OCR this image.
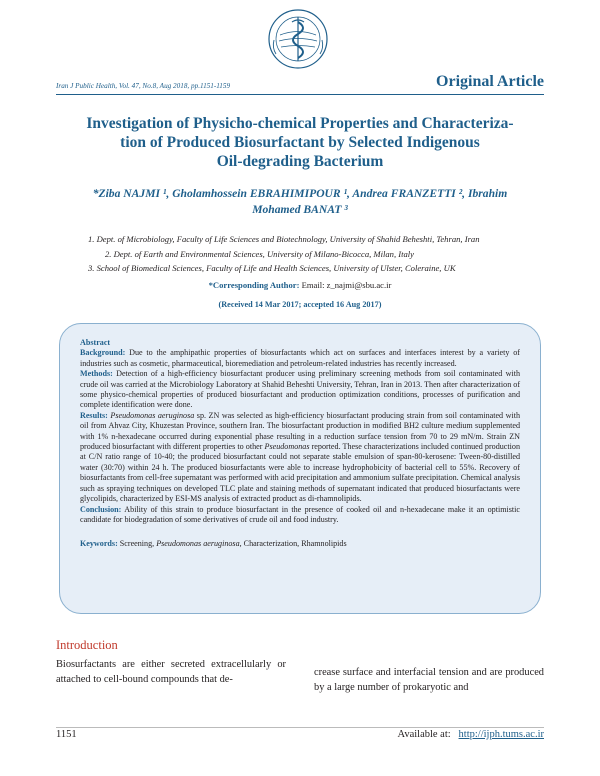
Iran J Public Health, Vol. 47, No.8, Aug 2018, pp.1151-1159	Original Article
Investigation of Physicho-chemical Properties and Characteriza-
tion of Produced Biosurfactant by Selected Indigenous
Oil-degrading Bacterium
*Ziba NAJMI ¹, Gholamhossein EBRAHIMIPOUR ¹, Andrea FRANZETTI ², Ibrahim
Mohamed BANAT ³
1. Dept. of Microbiology, Faculty of Life Sciences and Biotechnology, University of Shahid Beheshti, Tehran, Iran
2. Dept. of Earth and Environmental Sciences, University of Milano-Bicocca, Milan, Italy
3. School of Biomedical Sciences, Faculty of Life and Health Sciences, University of Ulster, Coleraine, UK
*Corresponding Author: Email: z_najmi@sbu.ac.ir
(Received 14 Mar 2017; accepted 16 Aug 2017)

Abstract

Background: Due to the amphipathic properties of biosurfactants which act on surfaces and interfaces interest by a variety of industries such as cosmetic, pharmaceutical, bioremediation and petroleum-related industries has recently increased.

Methods: Detection of a high-efficiency biosurfactant producer using preliminary screening methods from soil contaminated with crude oil was carried at the Microbiology Laboratory at Shahid Beheshti University, Tehran, Iran in 2013. Then after characterization of some physico-chemical properties of produced biosurfactant and production optimization conditions, processes of purification and complete identification were done.

Results: Pseudomonas aeruginosa sp. ZN was selected as high-efficiency biosurfactant producing strain from soil contaminated with oil from Ahvaz City, Khuzestan Province, southern Iran. The biosurfactant production in modified BH2 culture medium supplemented with 1% n-hexadecane occurred during exponential phase resulting in a reduction surface tension from 70 to 29 mN/m. Strain ZN produced biosurfactant with different properties to other Pseudomonas reported. These characterizations included continued production at C/N ratio range of 10-40; the produced biosurfactant could not separate stable emulsion of span-80-kerosene: Tween-80-distilled water (30:70) within 24 h. The produced biosurfactants were able to increase hydrophobicity of bacterial cell to 55%. Recovery of biosurfactants from cell-free supernatant was performed with acid precipitation and ammonium sulfate precipitation. Chemical analysis such as spraying techniques on developed TLC plate and staining methods of supernatant indicated that produced biosurfactants were glycolipids, characterized by ESI-MS analysis of extracted product as di-rhamnolipids.

Conclusion: Ability of this strain to produce biosurfactant in the presence of cooked oil and n-hexadecane make it an optimistic candidate for biodegradation of some derivatives of crude oil and food industry.

Keywords: Screening, Pseudomonas aeruginosa, Characterization, Rhamnolipids

Introduction
Biosurfactants are either secreted extracellularly or attached to cell-bound compounds that de-
crease surface and interfacial tension and are produced by a large number of prokaryotic and
1151	Available at: http://ijph.tums.ac.ir
